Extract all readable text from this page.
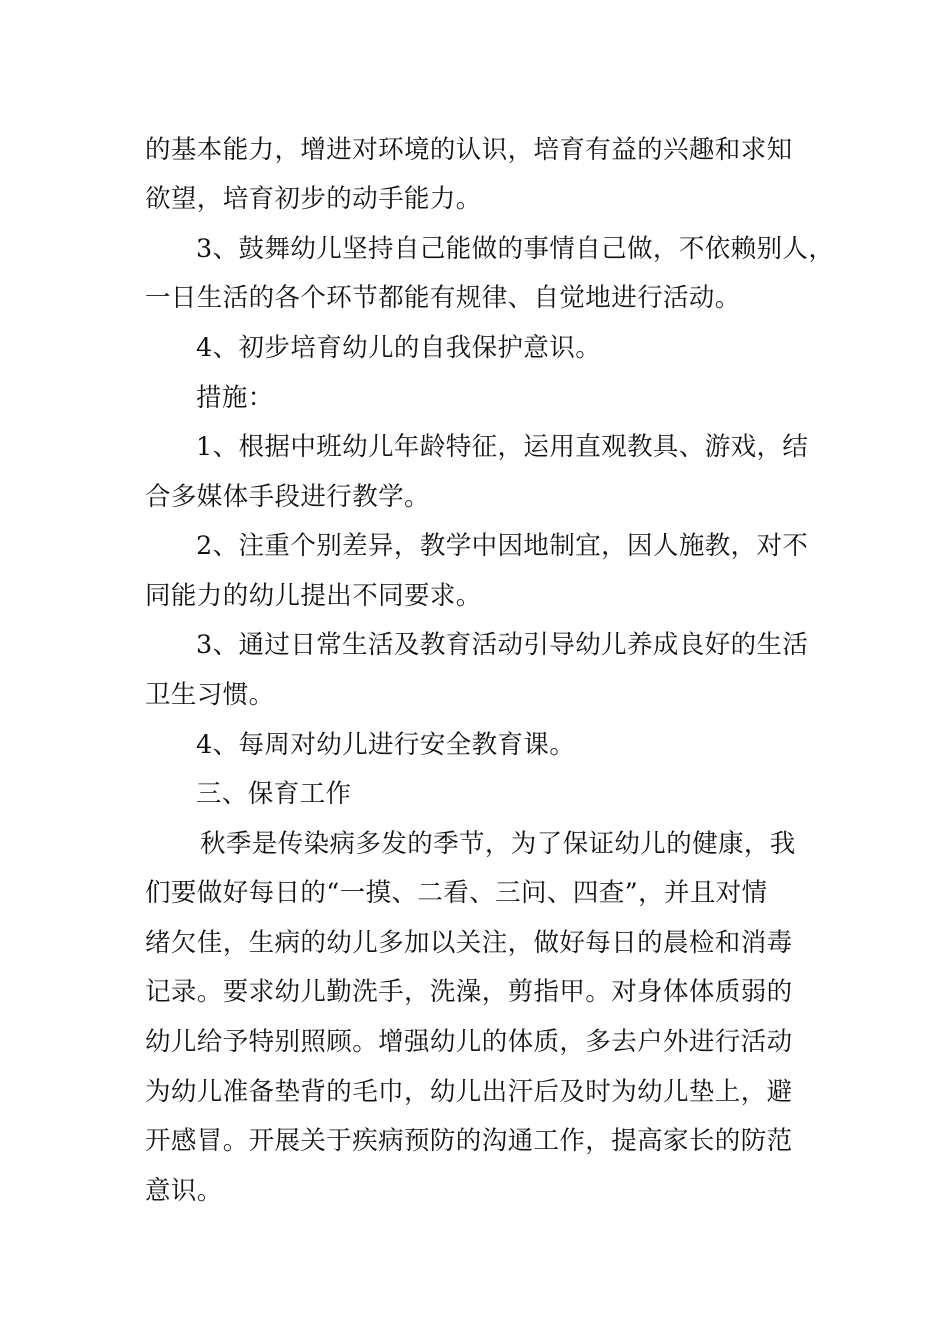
的基本能力，增进对环境的认识，培育有益的兴趣和求知
欲望，培育初步的动手能力。
3、鼓舞幼儿坚持自己能做的事情自己做，不依赖别人，
一日生活的各个环节都能有规律、自觉地进行活动。
4、初步培育幼儿的自我保护意识。
措施：
1、根据中班幼儿年龄特征，运用直观教具、游戏，结
合多媒体手段进行教学。
2、注重个别差异，教学中因地制宜，因人施教，对不
同能力的幼儿提出不同要求。
3、通过日常生活及教育活动引导幼儿养成良好的生活
卫生习惯。
4、每周对幼儿进行安全教育课。
三、保育工作
秋季是传染病多发的季节，为了保证幼儿的健康，我
们要做好每日的“一摸、二看、三问、四查”，并且对情
绪欠佳，生病的幼儿多加以关注，做好每日的晨检和消毒
记录。要求幼儿勤洗手，洗澡，剪指甲。对身体体质弱的
幼儿给予特别照顾。增强幼儿的体质，多去户外进行活动
为幼儿准备垫背的毛巾，幼儿出汗后及时为幼儿垫上，避
开感冒。开展关于疾病预防的沟通工作，提高家长的防范
意识。
